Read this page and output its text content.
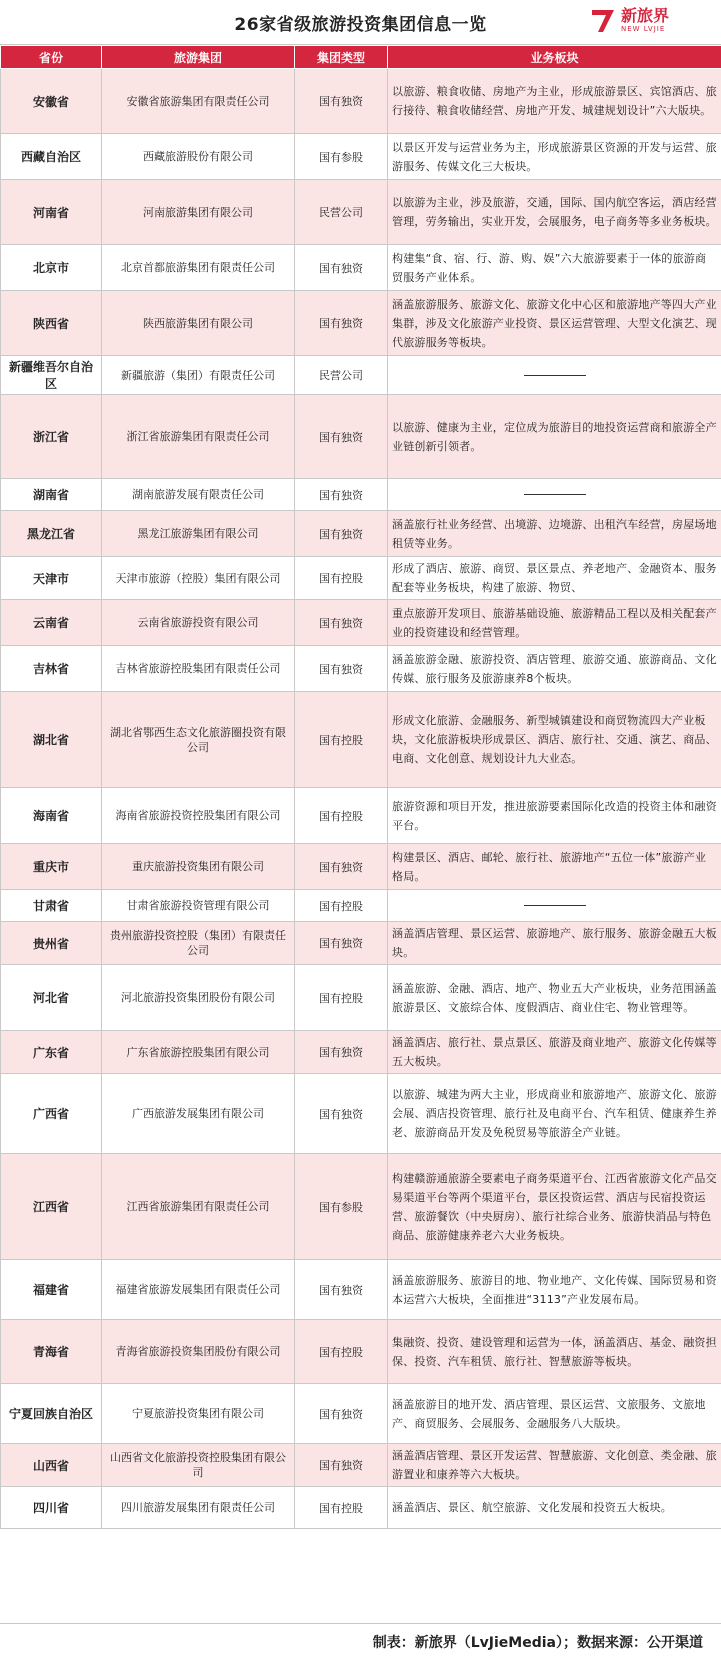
26家省级旅游投资集团信息一览	新旅界
NEW LVJIE
省份	旅游集团	集团类型	业务板块
安徽省	安徽省旅游集团有限责任公司	国有独资	以旅游、粮食收储、房地产为主业，形成旅游景区、宾馆酒店、旅行接待、粮食收储经营、房地产开发、城建规划设计”六大版块。
西藏自治区	西藏旅游股份有限公司	国有参股	以景区开发与运营业务为主，形成旅游景区资源的开发与运营、旅游服务、传媒文化三大板块。
河南省	河南旅游集团有限公司	民营公司	以旅游为主业，涉及旅游，交通，国际、国内航空客运，酒店经营管理，劳务输出，实业开发，会展服务，电子商务等多业务板块。
北京市	北京首都旅游集团有限责任公司	国有独资	构建集“食、宿、行、游、购、娱”六大旅游要素于一体的旅游商贸服务产业体系。
陕西省	陕西旅游集团有限公司	国有独资	涵盖旅游服务、旅游文化、旅游文化中心区和旅游地产等四大产业集群，涉及文化旅游产业投资、景区运营管理、大型文化演艺、现代旅游服务等板块。
新疆维吾尔自治区	新疆旅游（集团）有限责任公司	民营公司	

浙江省	浙江省旅游集团有限责任公司	国有独资	以旅游、健康为主业，定位成为旅游目的地投资运营商和旅游全产业链创新引领者。
湖南省	湖南旅游发展有限责任公司	国有独资	

黑龙江省	黑龙江旅游集团有限公司	国有独资	涵盖旅行社业务经营、出境游、边境游、出租汽车经营，房屋场地租赁等业务。
天津市	天津市旅游（控股）集团有限公司	国有控股	形成了酒店、旅游、商贸、景区景点、养老地产、金融资本、服务配套等业务板块，构建了旅游、物贸、
云南省	云南省旅游投资有限公司	国有独资	重点旅游开发项目、旅游基础设施、旅游精品工程以及相关配套产业的投资建设和经营管理。
吉林省	吉林省旅游控股集团有限责任公司	国有独资	涵盖旅游金融、旅游投资、酒店管理、旅游交通、旅游商品、文化传媒、旅行服务及旅游康养8个板块。
湖北省	湖北省鄂西生态文化旅游圈投资有限公司	国有控股	形成文化旅游、金融服务、新型城镇建设和商贸物流四大产业板块，文化旅游板块形成景区、酒店、旅行社、交通、演艺、商品、电商、文化创意、规划设计九大业态。
海南省	海南省旅游投资控股集团有限公司	国有控股	旅游资源和项目开发，推进旅游要素国际化改造的投资主体和融资平台。
重庆市	重庆旅游投资集团有限公司	国有独资	构建景区、酒店、邮轮、旅行社、旅游地产“五位一体”旅游产业格局。
甘肃省	甘肃省旅游投资管理有限公司	国有控股	

贵州省	贵州旅游投资控股（集团）有限责任公司	国有独资	涵盖酒店管理、景区运营、旅游地产、旅行服务、旅游金融五大板块。
河北省	河北旅游投资集团股份有限公司	国有控股	涵盖旅游、金融、酒店、地产、物业五大产业板块，业务范围涵盖旅游景区、文旅综合体、度假酒店、商业住宅、物业管理等。
广东省	广东省旅游控股集团有限公司	国有独资	涵盖酒店、旅行社、景点景区、旅游及商业地产、旅游文化传媒等五大板块。
广西省	广西旅游发展集团有限公司	国有独资	以旅游、城建为两大主业，形成商业和旅游地产、旅游文化、旅游会展、酒店投资管理、旅行社及电商平台、汽车租赁、健康养生养老、旅游商品开发及免税贸易等旅游全产业链。
江西省	江西省旅游集团有限责任公司	国有参股	构建赣游通旅游全要素电子商务渠道平台、江西省旅游文化产品交易渠道平台等两个渠道平台，景区投资运营、酒店与民宿投资运营、旅游餐饮（中央厨房）、旅行社综合业务、旅游快消品与特色商品、旅游健康养老六大业务板块。
福建省	福建省旅游发展集团有限责任公司	国有独资	涵盖旅游服务、旅游目的地、物业地产、文化传媒、国际贸易和资本运营六大板块，全面推进“3113”产业发展布局。
青海省	青海省旅游投资集团股份有限公司	国有控股	集融资、投资、建设管理和运营为一体，涵盖酒店、基金、融资担保、投资、汽车租赁、旅行社、智慧旅游等板块。
宁夏回族自治区	宁夏旅游投资集团有限公司	国有独资	涵盖旅游目的地开发、酒店管理、景区运营、文旅服务、文旅地产、商贸服务、会展服务、金融服务八大版块。
山西省	山西省文化旅游投资控股集团有限公司	国有独资	涵盖酒店管理、景区开发运营、智慧旅游、文化创意、类金融、旅游置业和康养等六大板块。
四川省	四川旅游发展集团有限责任公司	国有控股	涵盖酒店、景区、航空旅游、文化发展和投资五大板块。
制表：新旅界（LvJieMedia）；数据来源：公开渠道
